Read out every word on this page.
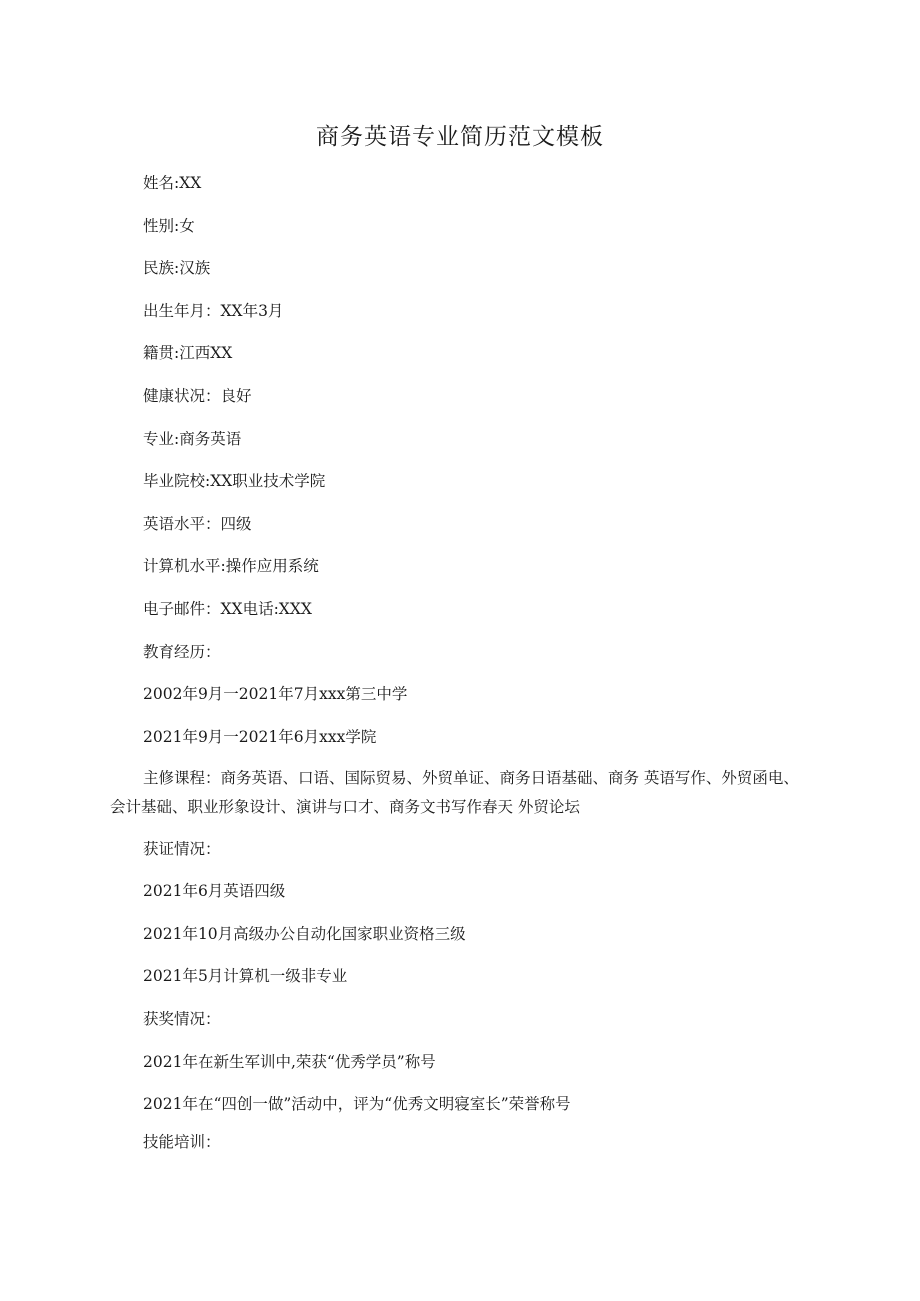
商务英语专业简历范文模板

姓名:XX

性别:女

民族:汉族

出生年月：XX年3月

籍贯:江西XX

健康状况：良好

专业:商务英语

毕业院校:XX职业技术学院

英语水平：四级

计算机水平:操作应用系统

电子邮件：XX电话:XXX

教育经历：

2002年9月一2021年7月xxx第三中学

2021年9月一2021年6月xxx学院

主修课程：商务英语、口语、国际贸易、外贸单证、商务日语基础、商务 英语写作、外贸函电、会计基础、职业形象设计、演讲与口才、商务文书写作春天 外贸论坛

获证情况：

2021年6月英语四级

2021年10月高级办公自动化国家职业资格三级

2021年5月计算机一级非专业

获奖情况：

2021年在新生军训中,荣获“优秀学员”称号

2021年在“四创一做”活动中，评为“优秀文明寝室长”荣誉称号

技能培训：
